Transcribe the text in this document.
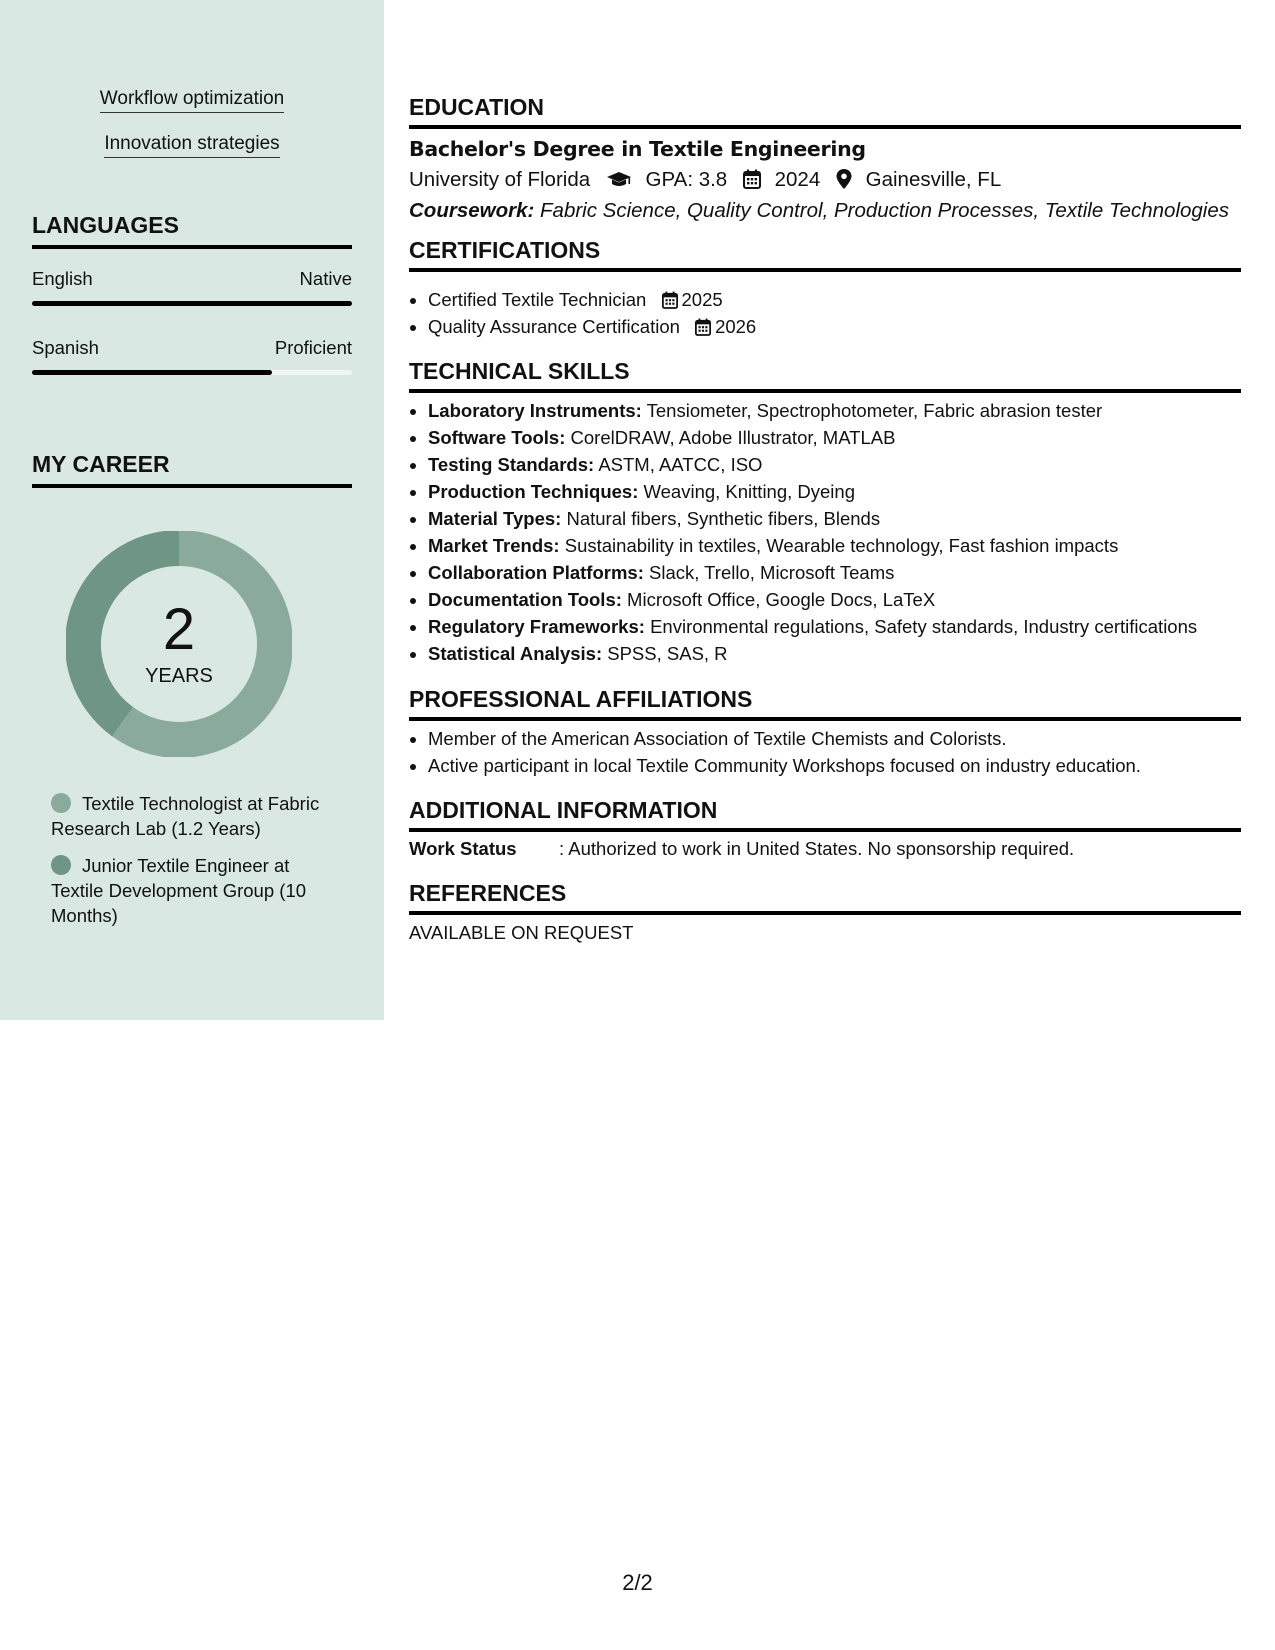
Workflow optimization
Innovation strategies
LANGUAGES
English	Native
Spanish	Proficient
MY CAREER
2
YEARS
Textile Technologist at Fabric Research Lab (1.2 Years)
Junior Textile Engineer at Textile Development Group (10 Months)
EDUCATION
Bachelor's Degree in Textile Engineering
University of Florida	GPA: 3.8 2024 Gainesville, FL
Coursework: Fabric Science, Quality Control, Production Processes, Textile Technologies
CERTIFICATIONS
• Certified Textile Technician 2025
• Quality Assurance Certification 2026
TECHNICAL SKILLS
• Laboratory Instruments: Tensiometer, Spectrophotometer, Fabric abrasion tester
• Software Tools: CorelDRAW, Adobe Illustrator, MATLAB
• Testing Standards: ASTM, AATCC, ISO
• Production Techniques: Weaving, Knitting, Dyeing
• Material Types: Natural fibers, Synthetic fibers, Blends
• Market Trends: Sustainability in textiles, Wearable technology, Fast fashion impacts
• Collaboration Platforms: Slack, Trello, Microsoft Teams
• Documentation Tools: Microsoft Office, Google Docs, LaTeX
• Regulatory Frameworks: Environmental regulations, Safety standards, Industry certifications
• Statistical Analysis: SPSS, SAS, R
PROFESSIONAL AFFILIATIONS
• Member of the American Association of Textile Chemists and Colorists.
• Active participant in local Textile Community Workshops focused on industry education.
ADDITIONAL INFORMATION
Work Status : Authorized to work in United States. No sponsorship required.
REFERENCES
AVAILABLE ON REQUEST
2/2
